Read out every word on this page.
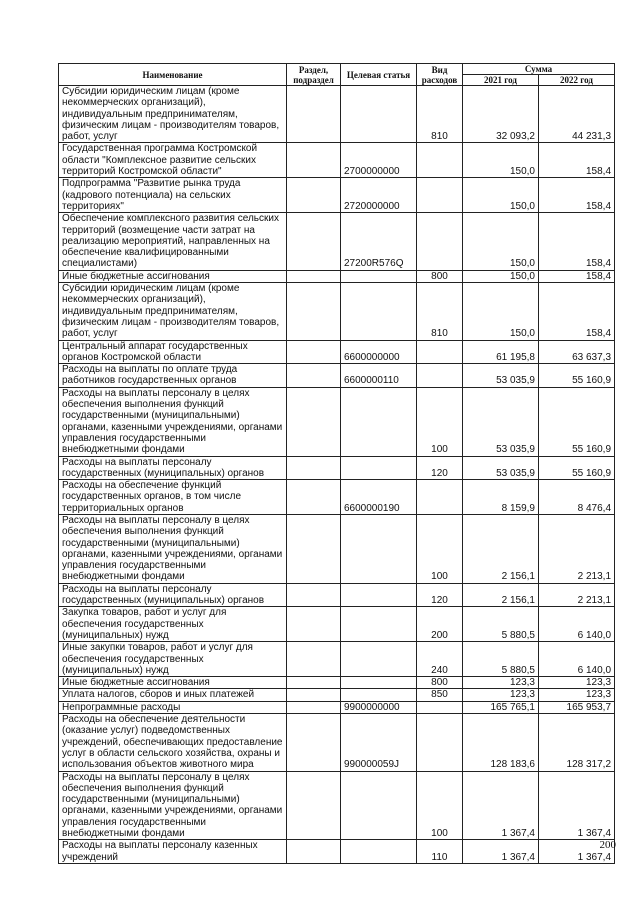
Наименование	Раздел, подраздел	Целевая статья	Вид расходов	Сумма	
				2021 год	2022 год
Субсидии юридическим лицам (кроме некоммерческих организаций), индивидуальным предпринимателям, физическим лицам - производителям товаров, работ, услуг			810	32 093,2	44 231,3
Государственная программа Костромской области "Комплексное развитие сельских территорий Костромской области"		2700000000		150,0	158,4
Подпрограмма "Развитие рынка труда (кадрового потенциала) на сельских территориях"		2720000000		150,0	158,4
Обеспечение комплексного развития сельских территорий (возмещение части затрат на реализацию мероприятий, направленных на обеспечение квалифицированными специалистами)		27200R576Q		150,0	158,4
Иные бюджетные ассигнования			800	150,0	158,4
Субсидии юридическим лицам (кроме некоммерческих организаций), индивидуальным предпринимателям, физическим лицам - производителям товаров, работ, услуг			810	150,0	158,4
Центральный аппарат государственных органов Костромской области		6600000000		61 195,8	63 637,3
Расходы на выплаты по оплате труда работников государственных органов		6600000110		53 035,9	55 160,9
Расходы на выплаты персоналу в целях обеспечения выполнения функций государственными (муниципальными) органами, казенными учреждениями, органами управления государственными внебюджетными фондами			100	53 035,9	55 160,9
Расходы на выплаты персоналу государственных (муниципальных) органов			120	53 035,9	55 160,9
Расходы на обеспечение функций государственных органов, в том числе территориальных органов		6600000190		8 159,9	8 476,4
Расходы на выплаты персоналу в целях обеспечения выполнения функций государственными (муниципальными) органами, казенными учреждениями, органами управления государственными внебюджетными фондами			100	2 156,1	2 213,1
Расходы на выплаты персоналу государственных (муниципальных) органов			120	2 156,1	2 213,1
Закупка товаров, работ и услуг для обеспечения государственных (муниципальных) нужд			200	5 880,5	6 140,0
Иные закупки товаров, работ и услуг для обеспечения государственных (муниципальных) нужд			240	5 880,5	6 140,0
Иные бюджетные ассигнования			800	123,3	123,3
Уплата налогов, сборов и иных платежей			850	123,3	123,3
Непрограммные расходы		9900000000		165 765,1	165 953,7
Расходы на обеспечение деятельности (оказание услуг) подведомственных учреждений, обеспечивающих предоставление услуг в области сельского хозяйства, охраны и использования объектов животного мира		990000059J		128 183,6	128 317,2
Расходы на выплаты персоналу в целях обеспечения выполнения функций государственными (муниципальными) органами, казенными учреждениями, органами управления государственными внебюджетными фондами			100	1 367,4	1 367,4
Расходы на выплаты персоналу казенных учреждений			110	1 367,4	1 367,4
200
